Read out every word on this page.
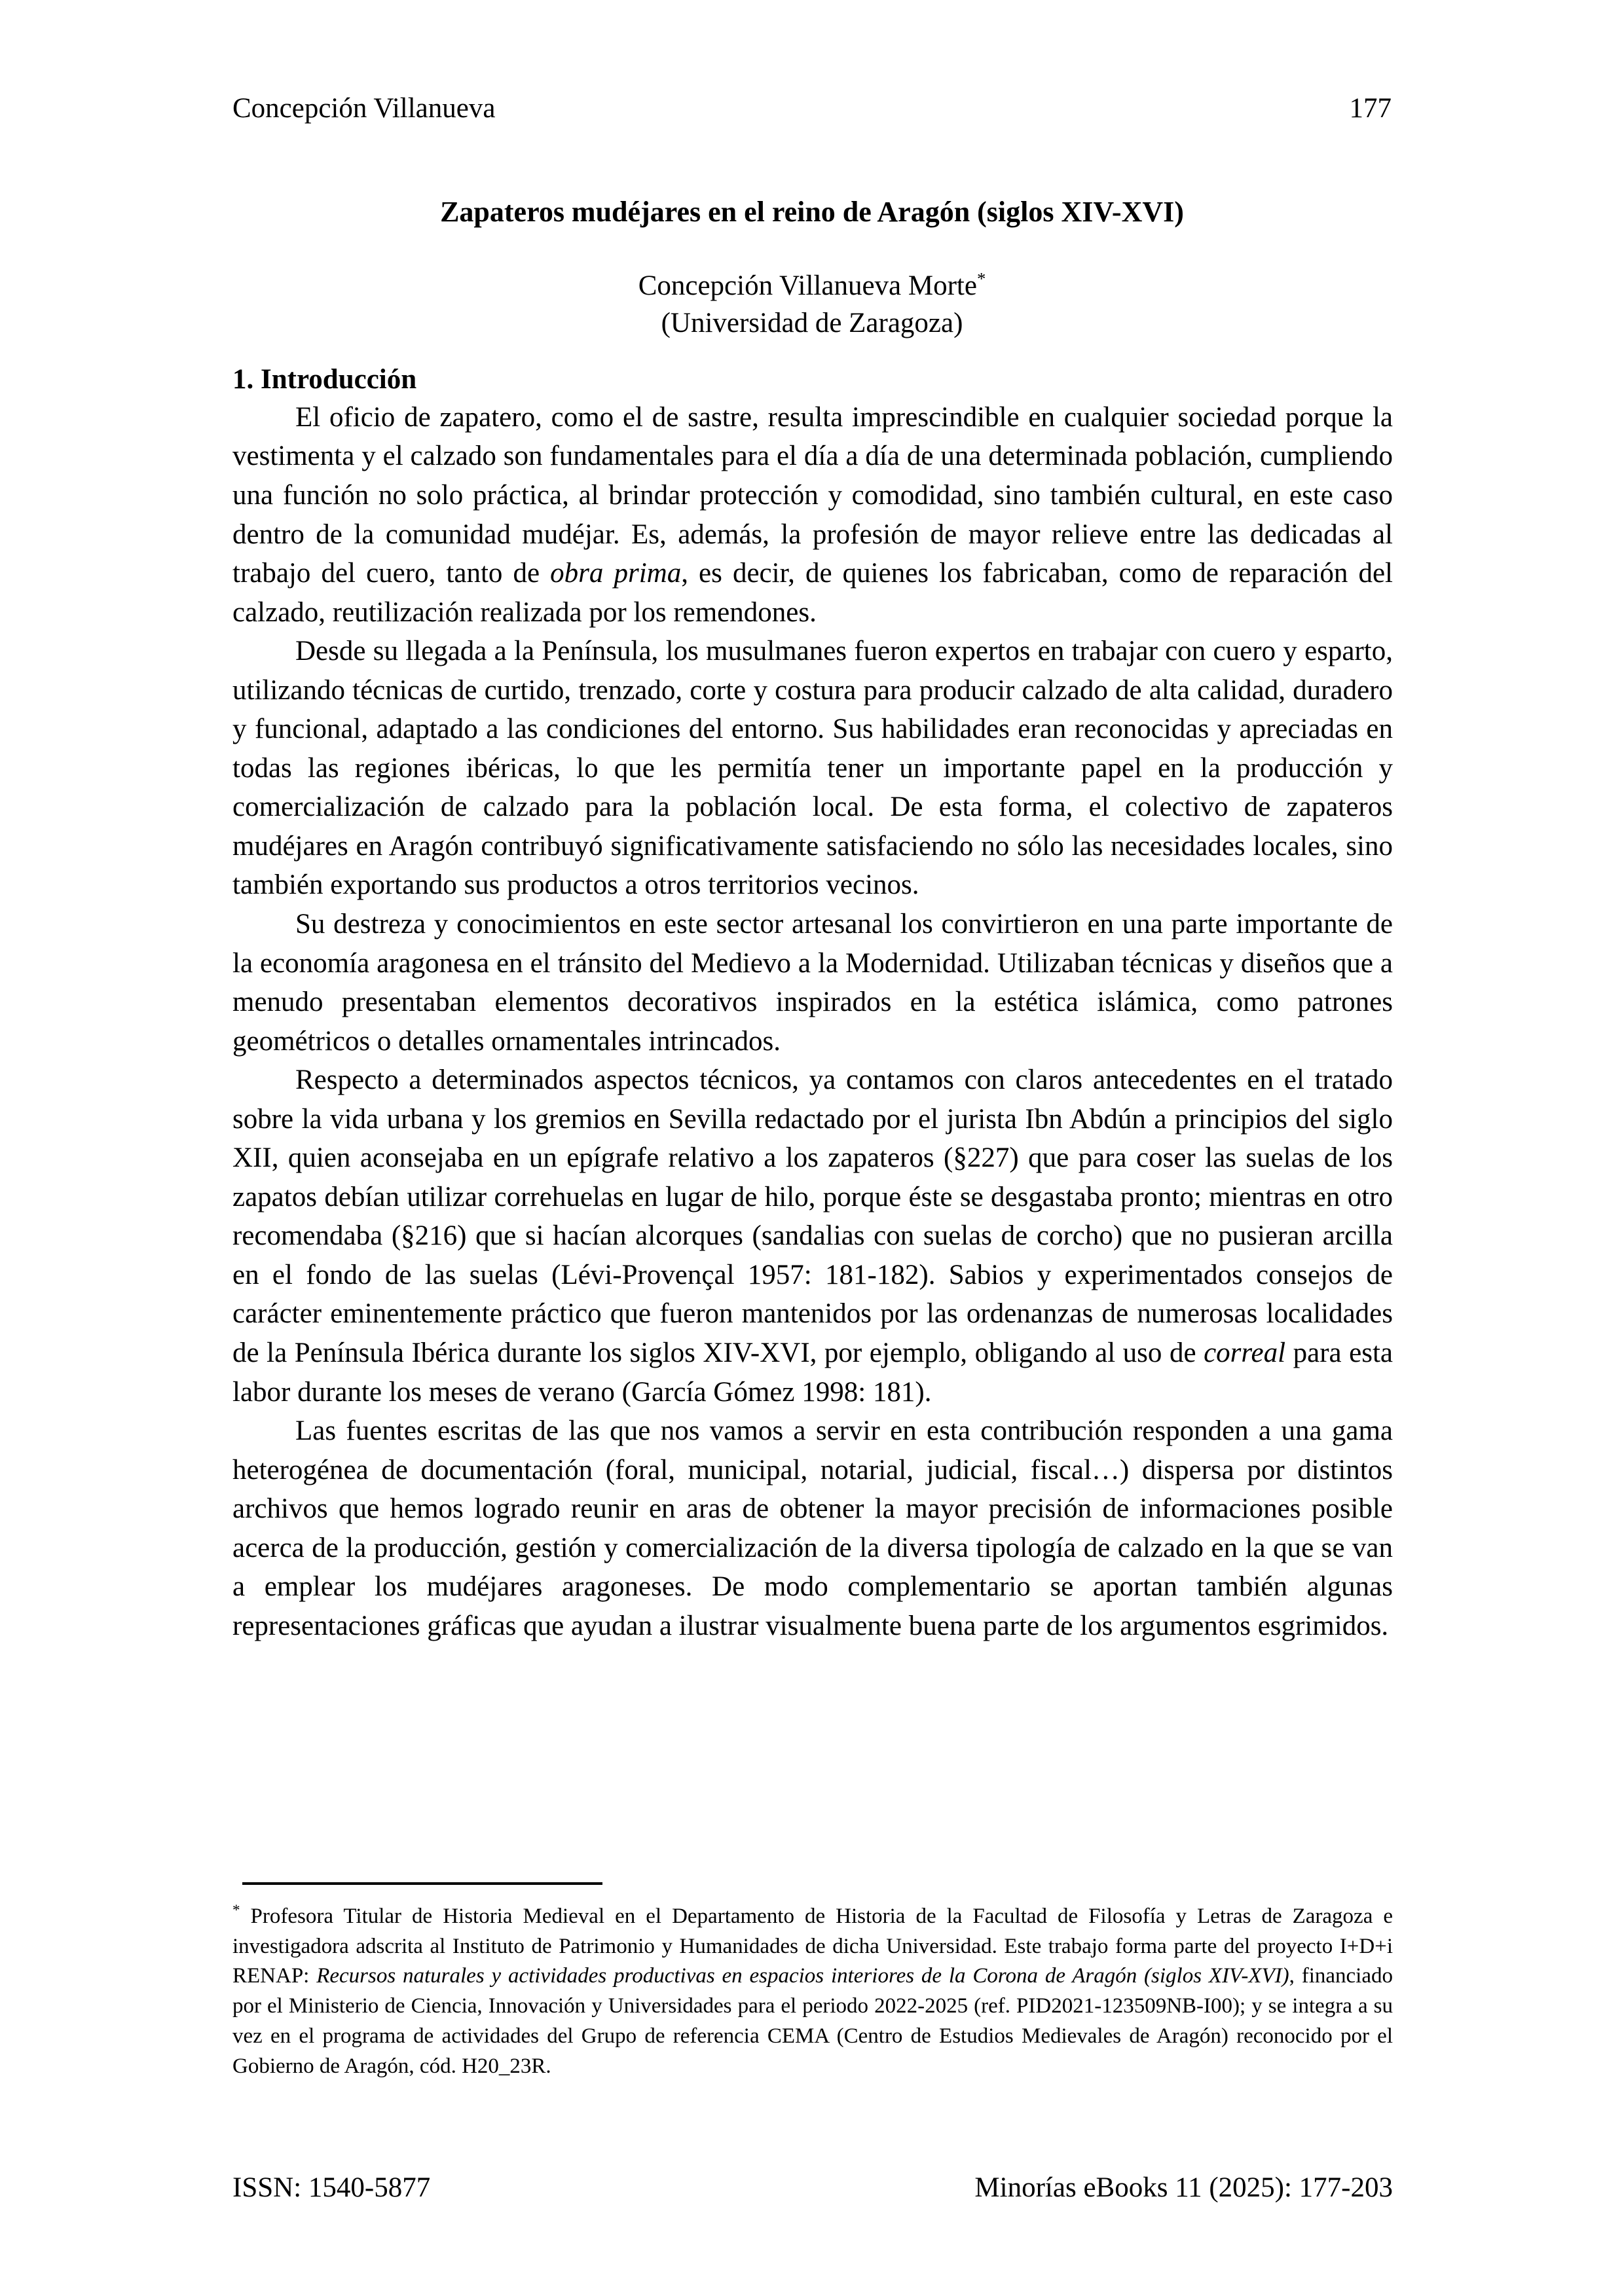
Concepción Villanueva	177
Zapateros mudéjares en el reino de Aragón (siglos XIV-XVI)
Concepción Villanueva Morte*
(Universidad de Zaragoza)
1. Introducción

El oficio de zapatero, como el de sastre, resulta imprescindible en cualquier sociedad porque la vestimenta y el calzado son fundamentales para el día a día de una determinada población, cumpliendo una función no solo práctica, al brindar protección y comodidad, sino también cultural, en este caso dentro de la comunidad mudéjar. Es, además, la profesión de mayor relieve entre las dedicadas al trabajo del cuero, tanto de obra prima, es decir, de quienes los fabricaban, como de reparación del calzado, reutilización realizada por los remendones.

Desde su llegada a la Península, los musulmanes fueron expertos en trabajar con cuero y esparto, utilizando técnicas de curtido, trenzado, corte y costura para producir calzado de alta calidad, duradero y funcional, adaptado a las condiciones del entorno. Sus habilidades eran reconocidas y apreciadas en todas las regiones ibéricas, lo que les permitía tener un importante papel en la producción y comercialización de calzado para la población local. De esta forma, el colectivo de zapateros mudéjares en Aragón contribuyó significativamente satisfaciendo no sólo las necesidades locales, sino también exportando sus productos a otros territorios vecinos.

Su destreza y conocimientos en este sector artesanal los convirtieron en una parte importante de la economía aragonesa en el tránsito del Medievo a la Modernidad. Utilizaban técnicas y diseños que a menudo presentaban elementos decorativos inspirados en la estética islámica, como patrones geométricos o detalles ornamentales intrincados.

Respecto a determinados aspectos técnicos, ya contamos con claros antecedentes en el tratado sobre la vida urbana y los gremios en Sevilla redactado por el jurista Ibn Abdún a principios del siglo XII, quien aconsejaba en un epígrafe relativo a los zapateros (§227) que para coser las suelas de los zapatos debían utilizar correhuelas en lugar de hilo, porque éste se desgastaba pronto; mientras en otro recomendaba (§216) que si hacían alcorques (sandalias con suelas de corcho) que no pusieran arcilla en el fondo de las suelas (Lévi-Provençal 1957: 181-182). Sabios y experimentados consejos de carácter eminentemente práctico que fueron mantenidos por las ordenanzas de numerosas localidades de la Península Ibérica durante los siglos XIV-XVI, por ejemplo, obligando al uso de correal para esta labor durante los meses de verano (García Gómez 1998: 181).

Las fuentes escritas de las que nos vamos a servir en esta contribución responden a una gama heterogénea de documentación (foral, municipal, notarial, judicial, fiscal…) dispersa por distintos archivos que hemos logrado reunir en aras de obtener la mayor precisión de informaciones posible acerca de la producción, gestión y comercialización de la diversa tipología de calzado en la que se van a emplear los mudéjares aragoneses. De modo complementario se aportan también algunas representaciones gráficas que ayudan a ilustrar visualmente buena parte de los argumentos esgrimidos.

* Profesora Titular de Historia Medieval en el Departamento de Historia de la Facultad de Filosofía y Letras de Zaragoza e investigadora adscrita al Instituto de Patrimonio y Humanidades de dicha Universidad. Este trabajo forma parte del proyecto I+D+i RENAP: Recursos naturales y actividades productivas en espacios interiores de la Corona de Aragón (siglos XIV-XVI), financiado por el Ministerio de Ciencia, Innovación y Universidades para el periodo 2022-2025 (ref. PID2021-123509NB-I00); y se integra a su vez en el programa de actividades del Grupo de referencia CEMA (Centro de Estudios Medievales de Aragón) reconocido por el Gobierno de Aragón, cód. H20_23R.

ISSN: 1540-5877	Minorías eBooks 11 (2025): 177-203
